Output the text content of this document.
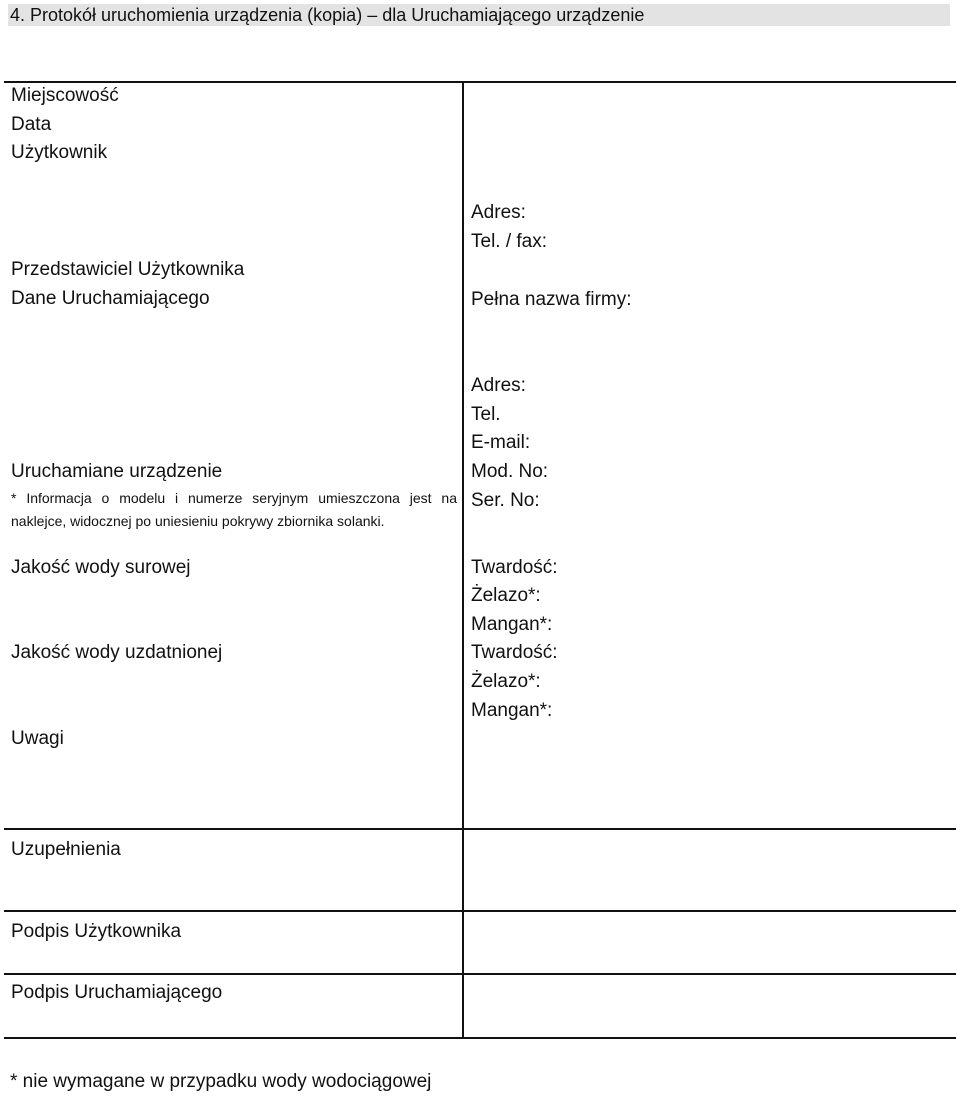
4. Protokół uruchomienia urządzenia (kopia) – dla Uruchamiającego urządzenie
Miejscowość
Data
Użytkownik
Przedstawiciel Użytkownika
Dane Uruchamiającego
Uruchamiane urządzenie
* Informacja o modelu i numerze seryjnym umieszczona jest na naklejce, widocznej po uniesieniu pokrywy zbiornika solanki.
Jakość wody surowej
Jakość wody uzdatnionej
Uwagi
Uzupełnienia
Podpis Użytkownika
Podpis Uruchamiającego
Adres:
Tel. / fax:
Pełna nazwa firmy:
Adres:
Tel.
E-mail:
Mod. No:
Ser. No:
Twardość:
Żelazo*:
Mangan*:
Twardość:
Żelazo*:
Mangan*:
* nie wymagane w przypadku wody wodociągowej
